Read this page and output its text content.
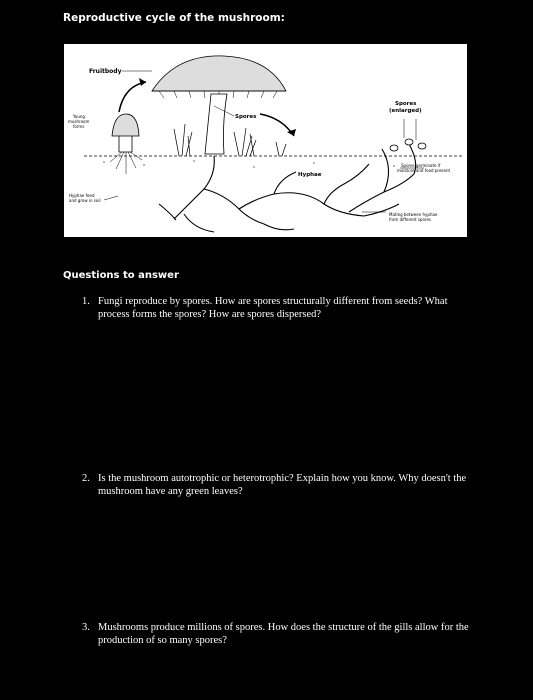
Reproductive cycle of the mushroom:
Fruitbody
Young
mushroom
forms
Spores
Spores
(enlarged)
Hyphae
Hyphae feed
and grow in soil
Spores germinate if
moisture and food present
Mating between hyphae
from different spores
Questions to answer
1. Fungi reproduce by spores. How are spores structurally different from seeds? What process forms the spores? How are spores dispersed?
2. Is the mushroom autotrophic or heterotrophic? Explain how you know. Why doesn't the mushroom have any green leaves?
3. Mushrooms produce millions of spores. How does the structure of the gills allow for the production of so many spores?
